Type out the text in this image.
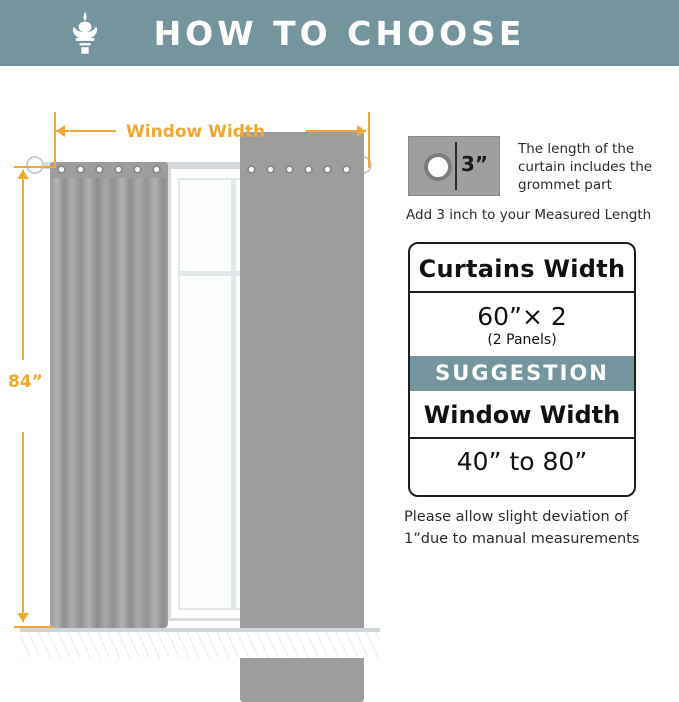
HOW TO CHOOSE
Window Width
84”
3”
The length of the curtain includes the grommet part
Add 3 inch to your Measured Length
Curtains Width
60”× 2
(2 Panels)
SUGGESTION
Window Width
40” to 80”
Please allow slight deviation of
1”due to manual measurements
